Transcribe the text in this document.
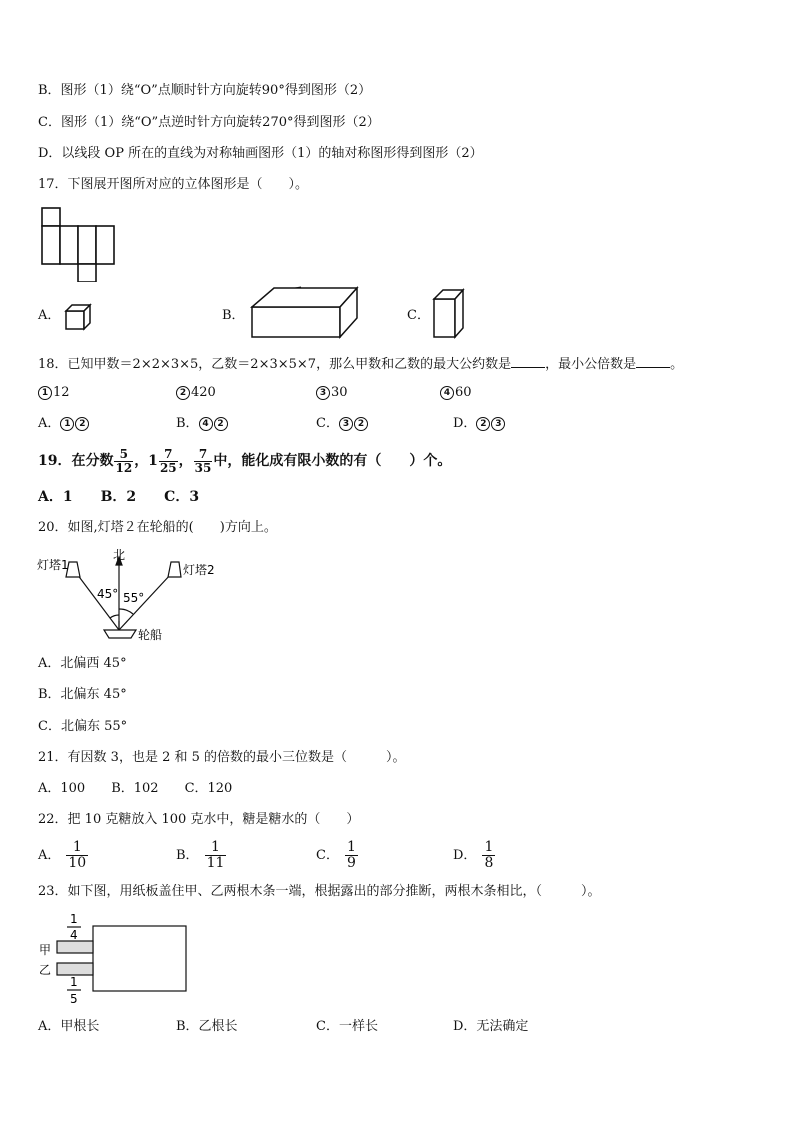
B．图形（1）绕“O”点顺时针方向旋转90°得到图形（2）
C．图形（1）绕“O”点逆时针方向旋转270°得到图形（2）
D．以线段 OP 所在的直线为对称轴画图形（1）的轴对称图形得到图形（2）
17．下图展开图所对应的立体图形是（　　）。
A．	B．	C．
18．已知甲数＝2×2×3×5，乙数＝2×3×5×7，那么甲数和乙数的最大公约数是	，最小公倍数是	。
1 12	2 420	3 30	4 60
A． 1 2	B． 4 2	C． 3 2	D． 2 3
19．在分数 $\frac{5}{12}$ ，$1 \frac{7}{25}$ ， $\frac{7}{35}$ 中，能化成有限小数的有（　　）个。
A．1　　B．2　　C．3
20．如图,灯塔２在轮船的(　　)方向上。
北
灯塔1	灯塔2
45° 55°
轮船
A．北偏西 45°
B．北偏东 45°
C．北偏东 55°
21．有因数 3，也是 2 和 5 的倍数的最小三位数是（　　　）。
A．100　　B．102　　C．120
22．把 10 克糖放入 100 克水中，糖是糖水的（　　）
A． $\frac{1}{10}$	B． $\frac{1}{11}$	C． $\frac{1}{9}$	D． $\frac{1}{8}$
23．如下图，用纸板盖住甲、乙两根木条一端，根据露出的部分推断，两根木条相比，（　　　）。
1
4
甲
乙
1
5
A．甲根长	B．乙根长	C．一样长	D．无法确定
